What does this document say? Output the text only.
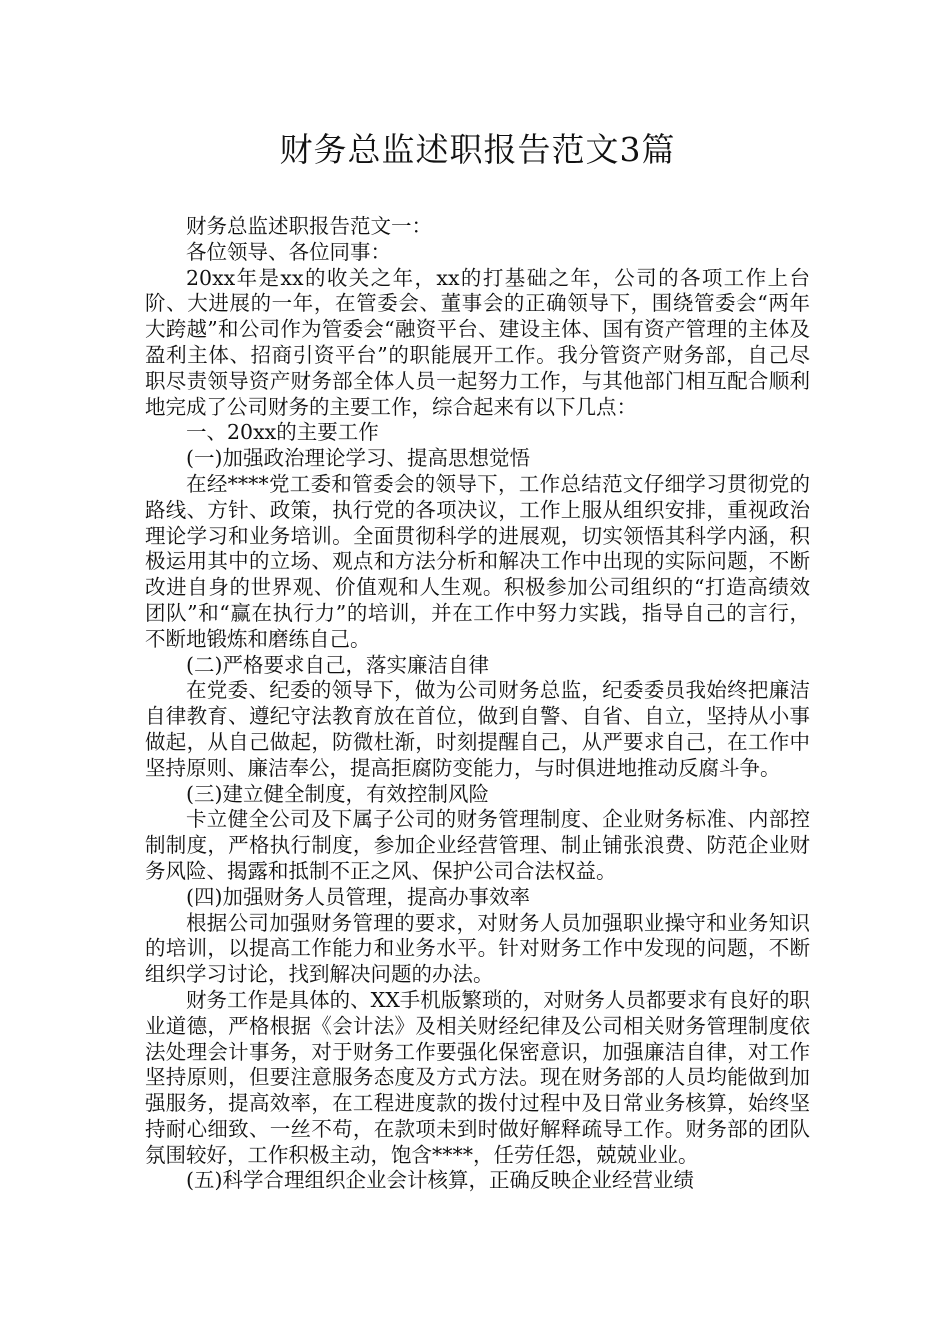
财务总监述职报告范文3篇

财务总监述职报告范文一：

各位领导、各位同事：

20xx年是xx的收关之年，xx的打基础之年，公司的各项工作上台阶、大进展的一年，在管委会、董事会的正确领导下，围绕管委会“两年大跨越”和公司作为管委会“融资平台、建设主体、国有资产管理的主体及盈利主体、招商引资平台”的职能展开工作。我分管资产财务部，自己尽职尽责领导资产财务部全体人员一起努力工作，与其他部门相互配合顺利地完成了公司财务的主要工作，综合起来有以下几点：

一、20xx的主要工作

(一)加强政治理论学习、提高思想觉悟

在经****党工委和管委会的领导下，工作总结范文仔细学习贯彻党的路线、方针、政策，执行党的各项决议，工作上服从组织安排，重视政治理论学习和业务培训。全面贯彻科学的进展观，切实领悟其科学内涵，积极运用其中的立场、观点和方法分析和解决工作中出现的实际问题，不断改进自身的世界观、价值观和人生观。积极参加公司组织的“打造高绩效团队”和“赢在执行力”的培训，并在工作中努力实践，指导自己的言行，不断地锻炼和磨练自己。

(二)严格要求自己，落实廉洁自律

在党委、纪委的领导下，做为公司财务总监，纪委委员我始终把廉洁自律教育、遵纪守法教育放在首位，做到自警、自省、自立，坚持从小事做起，从自己做起，防微杜渐，时刻提醒自己，从严要求自己，在工作中坚持原则、廉洁奉公，提高拒腐防变能力，与时俱进地推动反腐斗争。

(三)建立健全制度，有效控制风险

卡立健全公司及下属子公司的财务管理制度、企业财务标准、内部控制制度，严格执行制度，参加企业经营管理、制止铺张浪费、防范企业财务风险、揭露和抵制不正之风、保护公司合法权益。

(四)加强财务人员管理，提高办事效率

根据公司加强财务管理的要求，对财务人员加强职业操守和业务知识的培训，以提高工作能力和业务水平。针对财务工作中发现的问题，不断组织学习讨论，找到解决问题的办法。

财务工作是具体的、XX手机版繁琐的，对财务人员都要求有良好的职业道德，严格根据《会计法》及相关财经纪律及公司相关财务管理制度依法处理会计事务，对于财务工作要强化保密意识，加强廉洁自律，对工作坚持原则，但要注意服务态度及方式方法。现在财务部的人员均能做到加强服务，提高效率，在工程进度款的拨付过程中及日常业务核算，始终坚持耐心细致、一丝不苟，在款项未到时做好解释疏导工作。财务部的团队氛围较好，工作积极主动，饱含****，任劳任怨，兢兢业业。

(五)科学合理组织企业会计核算，正确反映企业经营业绩
